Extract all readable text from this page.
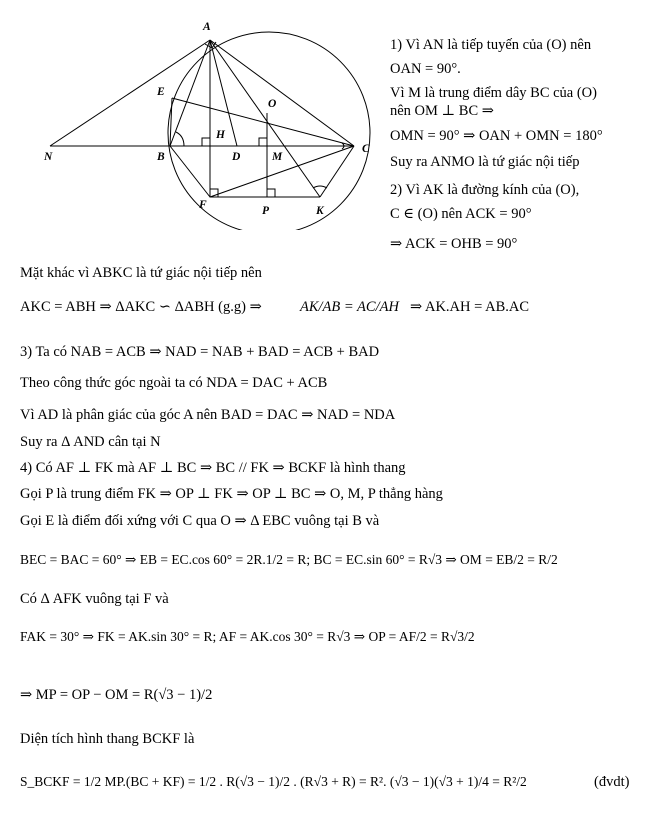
A
E
O
H
N	B	D	M
C
F	P	K
1) Vì AN là tiếp tuyến của (O) nên
OAN = 90°.
Vì M là trung điểm dây BC của (O)
nên OM ⊥ BC ⇒
OMN = 90° ⇒ OAN + OMN = 180°
Suy ra ANMO là tứ giác nội tiếp
2) Vì AK là đường kính của (O),
C ∈ (O) nên ACK = 90°
⇒ ACK = OHB = 90°
Mặt khác vì ABKC là tứ giác nội tiếp nên
AKC = ABH ⇒ ΔAKC ∽ ΔABH (g.g) ⇒	AK/AB = AC/AH ⇒ AK.AH = AB.AC
3) Ta có NAB = ACB ⇒ NAD = NAB + BAD = ACB + BAD
Theo công thức góc ngoài ta có NDA = DAC + ACB
Vì AD là phân giác của góc A nên BAD = DAC ⇒ NAD = NDA
Suy ra Δ AND cân tại N
4) Có AF ⊥ FK mà AF ⊥ BC ⇒ BC // FK ⇒ BCKF là hình thang
Gọi P là trung điểm FK ⇒ OP ⊥ FK ⇒ OP ⊥ BC ⇒ O, M, P thẳng hàng
Gọi E là điểm đối xứng với C qua O ⇒ Δ EBC vuông tại B và
BEC = BAC = 60° ⇒ EB = EC.cos 60° = 2R.1/2 = R; BC = EC.sin 60° = R√3 ⇒ OM = EB/2 = R/2
Có Δ AFK vuông tại F và
FAK = 30° ⇒ FK = AK.sin 30° = R; AF = AK.cos 30° = R√3 ⇒ OP = AF/2 = R√3/2
⇒ MP = OP − OM = R(√3 − 1)/2
Diện tích hình thang BCKF là
S_BCKF = 1/2 MP.(BC + KF) = 1/2 . R(√3 − 1)/2 . (R√3 + R) = R². (√3 − 1)(√3 + 1)/4 = R²/2	(đvdt)
